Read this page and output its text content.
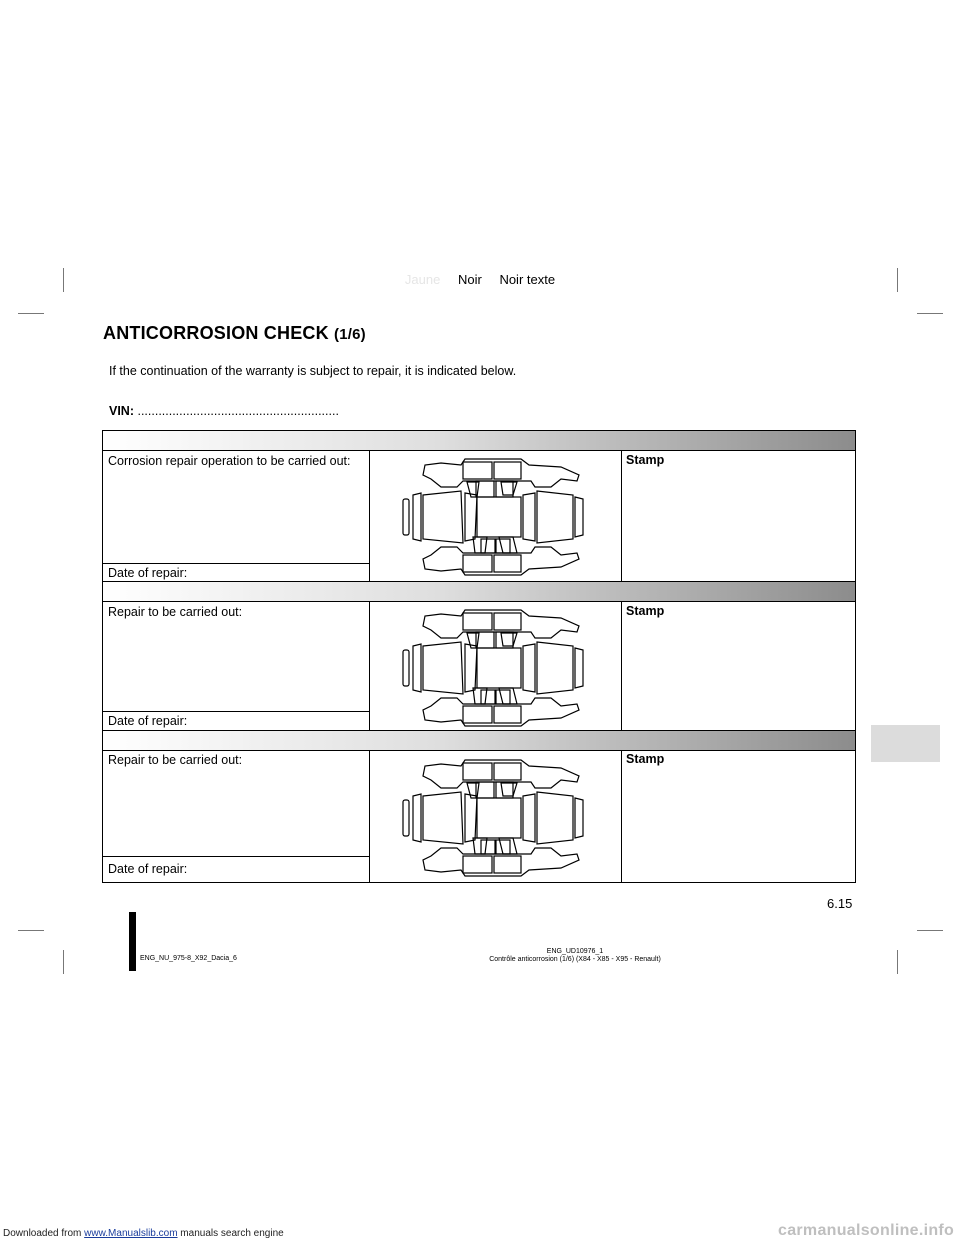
Downloaded from www.Manualslib.com manuals search engine
Jaune Noir Noir texte
ANTICORROSION CHECK (1/6)
If the continuation of the warranty is subject to repair, it is indicated below.
VIN: ..........................................................
Corrosion repair operation to be carried out:
Date of repair:
Stamp
Repair to be carried out:
Date of repair:
Stamp
Repair to be carried out:
Date of repair:
Stamp
6.15
ENG_NU_975-8_X92_Dacia_6
ENG_UD10976_1
Contrôle anticorrosion (1/6) (X84 - X85 - X95 - Renault)
carmanualsonline.info
